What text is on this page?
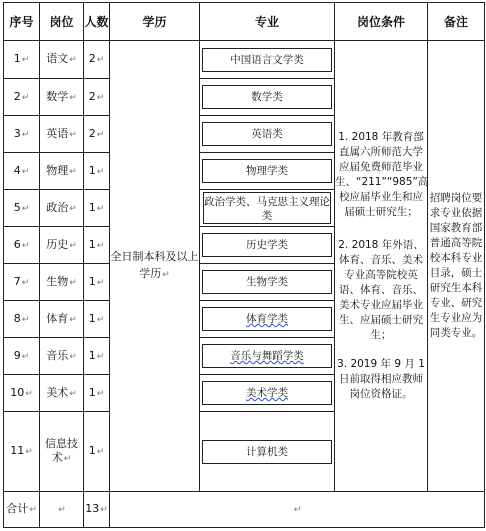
序号	岗位	人数	学历	专业	岗位条件	备注
1↵	语文↵	2↵	全日制本科及以上学历↵	中国语言文学类	1. 2018 年教育部直属六所师范大学应届免费师范毕业生、“211”“985”高校应届毕业生和应届硕士研究生；
2. 2018 年外语、体育、音乐、美术专业高等院校英语、体育、音乐、美术专业应届毕业生、应届硕士研究生；
3. 2019 年 9 月 1 日前取得相应教师岗位资格证。	招聘岗位要求专业依据国家教育部普通高等院校本科专业目录，硕士研究生本科专业、研究生专业应为同类专业。
2↵	数学↵	2↵		数学类		

3↵	英语↵	2↵		英语类		

4↵	物理↵	1↵		物理学类		

5↵	政治↵	1↵		政治学类、马克思主义理论类		

6↵	历史↵	1↵		历史学类		

7↵	生物↵	1↵		生物学类		

8↵	体育↵	1↵		体育学类		

9↵	音乐↵	1↵		音乐与舞蹈学类		

10↵	美术↵	1↵		美术学类		

11↵	信息技术↵	1↵		计算机类		

合计↵	↵	13↵	↵			
